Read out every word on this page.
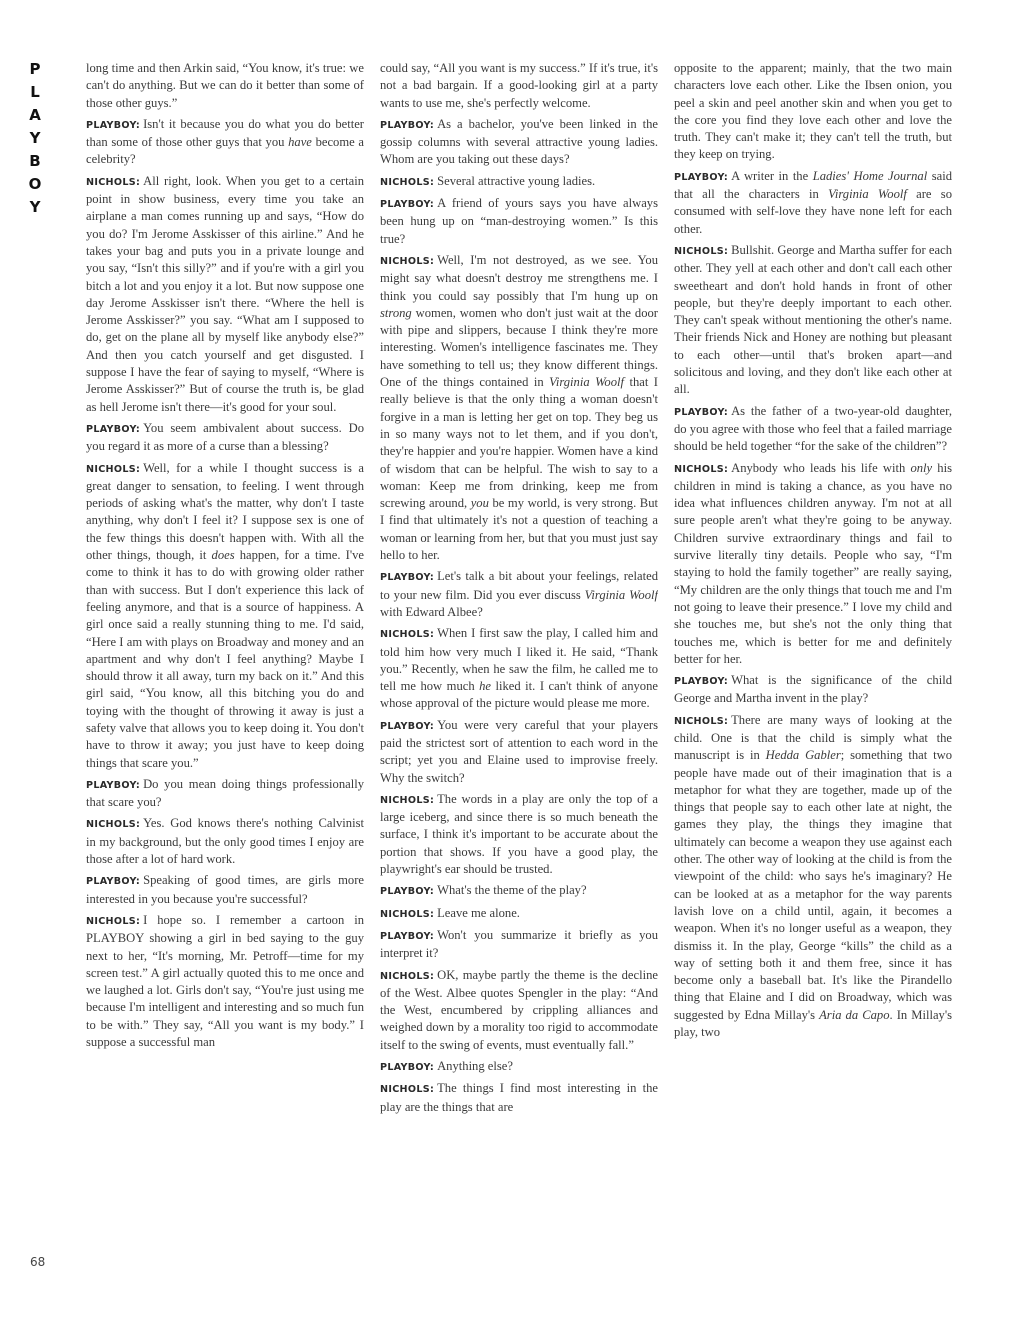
P
L
A
Y
B
O
Y

long time and then Arkin said, “You know, it's true: we can't do anything. But we can do it better than some of those other guys.”

PLAYBOY: Isn't it because you do what you do better than some of those other guys that you have become a celebrity?

NICHOLS: All right, look. When you get to a certain point in show business, every time you take an airplane a man comes running up and says, “How do you do? I'm Jerome Asskisser of this airline.” And he takes your bag and puts you in a private lounge and you say, “Isn't this silly?” and if you're with a girl you bitch a lot and you enjoy it a lot. But now suppose one day Jerome Asskisser isn't there. “Where the hell is Jerome Asskisser?” you say. “What am I supposed to do, get on the plane all by myself like anybody else?” And then you catch yourself and get disgusted. I suppose I have the fear of saying to myself, “Where is Jerome Asskisser?” But of course the truth is, be glad as hell Jerome isn't there—it's good for your soul.

PLAYBOY: You seem ambivalent about success. Do you regard it as more of a curse than a blessing?

NICHOLS: Well, for a while I thought success is a great danger to sensation, to feeling. I went through periods of asking what's the matter, why don't I taste anything, why don't I feel it? I suppose sex is one of the few things this doesn't happen with. With all the other things, though, it does happen, for a time. I've come to think it has to do with growing older rather than with success. But I don't experience this lack of feeling anymore, and that is a source of happiness. A girl once said a really stunning thing to me. I'd said, “Here I am with plays on Broadway and money and an apartment and why don't I feel anything? Maybe I should throw it all away, turn my back on it.” And this girl said, “You know, all this bitching you do and toying with the thought of throwing it away is just a safety valve that allows you to keep doing it. You don't have to throw it away; you just have to keep doing things that scare you.”

PLAYBOY: Do you mean doing things professionally that scare you?

NICHOLS: Yes. God knows there's nothing Calvinist in my background, but the only good times I enjoy are those after a lot of hard work.

PLAYBOY: Speaking of good times, are girls more interested in you because you're successful?

NICHOLS: I hope so. I remember a cartoon in PLAYBOY showing a girl in bed saying to the guy next to her, “It's morning, Mr. Petroff—time for my screen test.” A girl actually quoted this to me once and we laughed a lot. Girls don't say, “You're just using me because I'm intelligent and interesting and so much fun to be with.” They say, “All you want is my body.” I suppose a successful man

could say, “All you want is my success.” If it's true, it's not a bad bargain. If a good-looking girl at a party wants to use me, she's perfectly welcome.

PLAYBOY: As a bachelor, you've been linked in the gossip columns with several attractive young ladies. Whom are you taking out these days?

NICHOLS: Several attractive young ladies.

PLAYBOY: A friend of yours says you have always been hung up on “man-destroying women.” Is this true?

NICHOLS: Well, I'm not destroyed, as we see. You might say what doesn't destroy me strengthens me. I think you could say possibly that I'm hung up on strong women, women who don't just wait at the door with pipe and slippers, because I think they're more interesting. Women's intelligence fascinates me. They have something to tell us; they know different things. One of the things contained in Virginia Woolf that I really believe is that the only thing a woman doesn't forgive in a man is letting her get on top. They beg us in so many ways not to let them, and if you don't, they're happier and you're happier. Women have a kind of wisdom that can be helpful. The wish to say to a woman: Keep me from drinking, keep me from screwing around, you be my world, is very strong. But I find that ultimately it's not a question of teaching a woman or learning from her, but that you must just say hello to her.

PLAYBOY: Let's talk a bit about your feelings, related to your new film. Did you ever discuss Virginia Woolf with Edward Albee?

NICHOLS: When I first saw the play, I called him and told him how very much I liked it. He said, “Thank you.” Recently, when he saw the film, he called me to tell me how much he liked it. I can't think of anyone whose approval of the picture would please me more.

PLAYBOY: You were very careful that your players paid the strictest sort of attention to each word in the script; yet you and Elaine used to improvise freely. Why the switch?

NICHOLS: The words in a play are only the top of a large iceberg, and since there is so much beneath the surface, I think it's important to be accurate about the portion that shows. If you have a good play, the playwright's ear should be trusted.

PLAYBOY: What's the theme of the play?

NICHOLS: Leave me alone.

PLAYBOY: Won't you summarize it briefly as you interpret it?

NICHOLS: OK, maybe partly the theme is the decline of the West. Albee quotes Spengler in the play: “And the West, encumbered by crippling alliances and weighed down by a morality too rigid to accommodate itself to the swing of events, must eventually fall.”

PLAYBOY: Anything else?

NICHOLS: The things I find most interesting in the play are the things that are

opposite to the apparent; mainly, that the two main characters love each other. Like the Ibsen onion, you peel a skin and peel another skin and when you get to the core you find they love each other and love the truth. They can't make it; they can't tell the truth, but they keep on trying.

PLAYBOY: A writer in the Ladies' Home Journal said that all the characters in Virginia Woolf are so consumed with self-love they have none left for each other.

NICHOLS: Bullshit. George and Martha suffer for each other. They yell at each other and don't call each other sweetheart and don't hold hands in front of other people, but they're deeply important to each other. They can't speak without mentioning the other's name. Their friends Nick and Honey are nothing but pleasant to each other—until that's broken apart—and solicitous and loving, and they don't like each other at all.

PLAYBOY: As the father of a two-year-old daughter, do you agree with those who feel that a failed marriage should be held together “for the sake of the children”?

NICHOLS: Anybody who leads his life with only his children in mind is taking a chance, as you have no idea what influences children anyway. I'm not at all sure people aren't what they're going to be anyway. Children survive extraordinary things and fail to survive literally tiny details. People who say, “I'm staying to hold the family together” are really saying, “My children are the only things that touch me and I'm not going to leave their presence.” I love my child and she touches me, but she's not the only thing that touches me, which is better for me and definitely better for her.

PLAYBOY: What is the significance of the child George and Martha invent in the play?

NICHOLS: There are many ways of looking at the child. One is that the child is simply what the manuscript is in Hedda Gabler; something that two people have made out of their imagination that is a metaphor for what they are together, made up of the things that people say to each other late at night, the games they play, the things they imagine that ultimately can become a weapon they use against each other. The other way of looking at the child is from the viewpoint of the child: who says he's imaginary? He can be looked at as a metaphor for the way parents lavish love on a child until, again, it becomes a weapon. When it's no longer useful as a weapon, they dismiss it. In the play, George “kills” the child as a way of setting both it and them free, since it has become only a baseball bat. It's like the Pirandello thing that Elaine and I did on Broadway, which was suggested by Edna Millay's Aria da Capo. In Millay's play, two

68
